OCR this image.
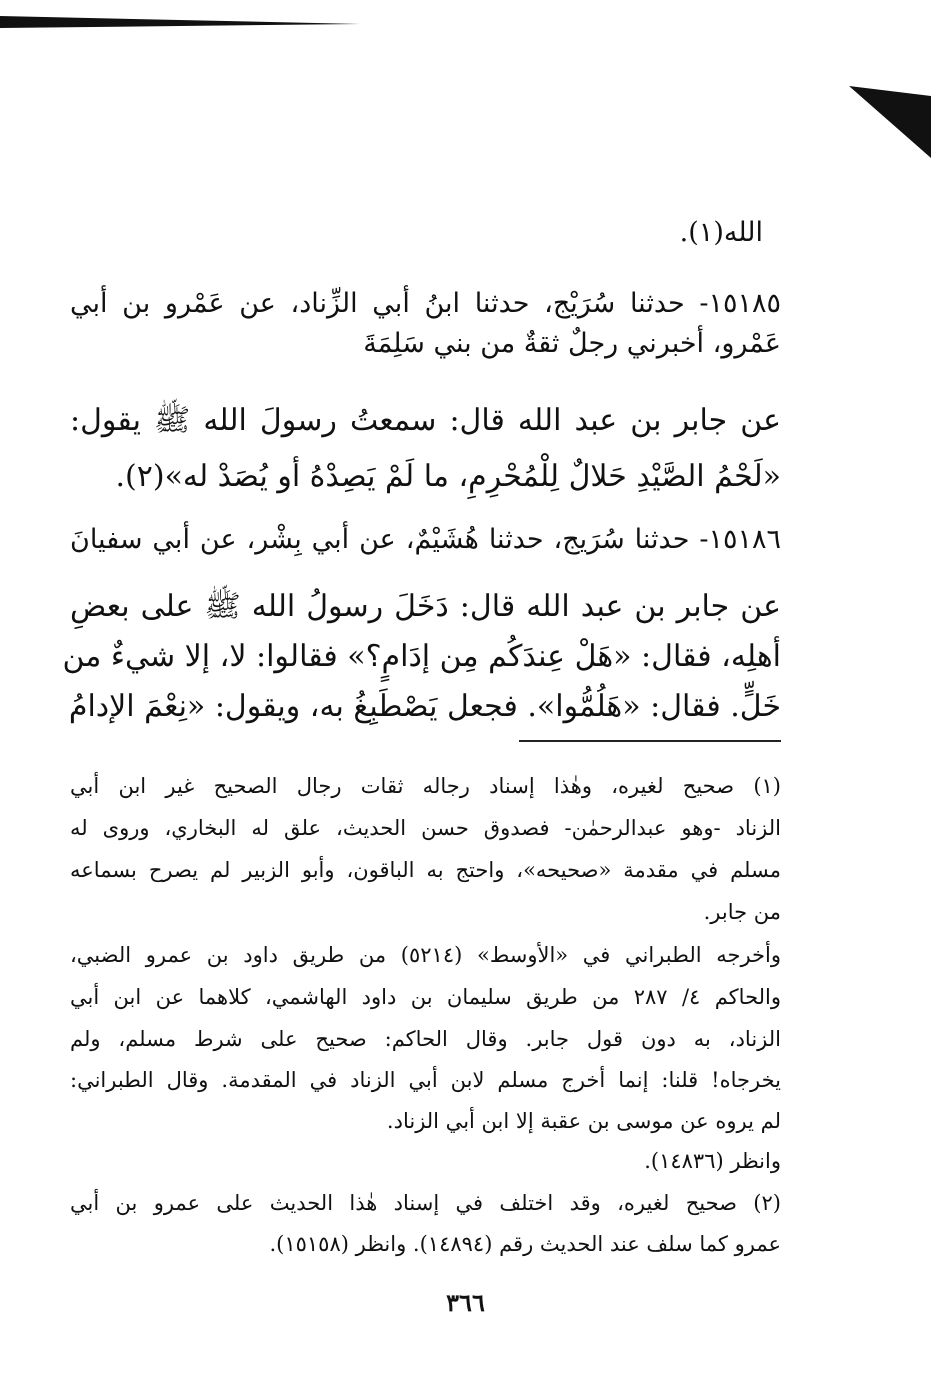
الله(١).
١٥١٨٥- حدثنا سُرَيْج، حدثنا ابنُ أبي الزِّناد، عن عَمْرو بن أبي
عَمْرو، أخبرني رجلٌ ثقةٌ من بني سَلِمَةَ
عن جابر بن عبد الله قال: سمعتُ رسولَ الله ﷺ يقول:
«لَحْمُ الصَّيْدِ حَلالٌ لِلْمُحْرِمِ، ما لَمْ يَصِدْهُ أو يُصَدْ له»(٢).
١٥١٨٦- حدثنا سُرَيج، حدثنا هُشَيْمٌ، عن أبي بِشْر، عن أبي سفيانَ
عن جابر بن عبد الله قال: دَخَلَ رسولُ الله ﷺ على بعضِ
أهلِه، فقال: «هَلْ عِندَكُم مِن إدَامٍ؟» فقالوا: لا، إلا شيءٌ من
خَلٍّ. فقال: «هَلُمُّوا». فجعل يَصْطَبِغُ به، ويقول: «نِعْمَ الإدامُ
(١) صحيح لغيره، وهٰذا إسناد رجاله ثقات رجال الصحيح غير ابن أبي
الزناد -وهو عبدالرحمٰن- فصدوق حسن الحديث، علق له البخاري، وروى له
مسلم في مقدمة «صحيحه»، واحتج به الباقون، وأبو الزبير لم يصرح بسماعه
من جابر.
وأخرجه الطبراني في «الأوسط» (٥٢١٤) من طريق داود بن عمرو الضبي،
والحاكم ٤/ ٢٨٧ من طريق سليمان بن داود الهاشمي، كلاهما عن ابن أبي
الزناد، به دون قول جابر. وقال الحاكم: صحيح على شرط مسلم، ولم
يخرجاه! قلنا: إنما أخرج مسلم لابن أبي الزناد في المقدمة. وقال الطبراني:
لم يروه عن موسى بن عقبة إلا ابن أبي الزناد.
وانظر (١٤٨٣٦).
(٢) صحيح لغيره، وقد اختلف في إسناد هٰذا الحديث على عمرو بن أبي
عمرو كما سلف عند الحديث رقم (١٤٨٩٤). وانظر (١٥١٥٨).
٣٦٦
